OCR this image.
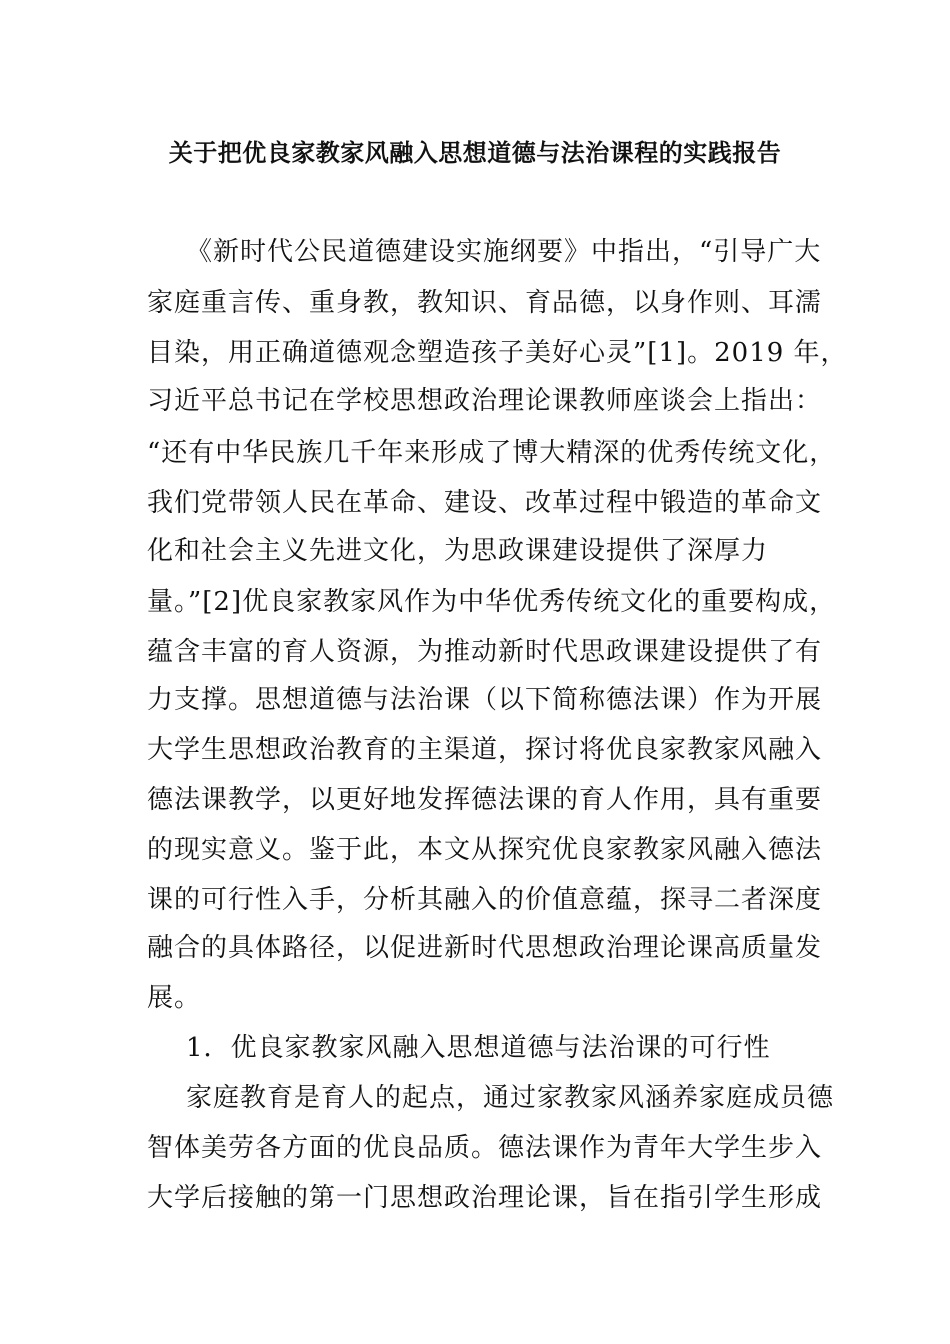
关于把优良家教家风融入思想道德与法治课程的实践报告
《新时代公民道德建设实施纲要》中指出，“引导广大
家庭重言传、重身教，教知识、育品德，以身作则、耳濡
目染，用正确道德观念塑造孩子美好心灵”[1]。2019 年，
习近平总书记在学校思想政治理论课教师座谈会上指出：
“还有中华民族几千年来形成了博大精深的优秀传统文化，
我们党带领人民在革命、建设、改革过程中锻造的革命文
化和社会主义先进文化，为思政课建设提供了深厚力
量。”[2]优良家教家风作为中华优秀传统文化的重要构成，
蕴含丰富的育人资源，为推动新时代思政课建设提供了有
力支撑。思想道德与法治课（以下简称德法课）作为开展
大学生思想政治教育的主渠道，探讨将优良家教家风融入
德法课教学，以更好地发挥德法课的育人作用，具有重要
的现实意义。鉴于此，本文从探究优良家教家风融入德法
课的可行性入手，分析其融入的价值意蕴，探寻二者深度
融合的具体路径，以促进新时代思想政治理论课高质量发
展。
1．优良家教家风融入思想道德与法治课的可行性
家庭教育是育人的起点，通过家教家风涵养家庭成员德
智体美劳各方面的优良品质。德法课作为青年大学生步入
大学后接触的第一门思想政治理论课，旨在指引学生形成
